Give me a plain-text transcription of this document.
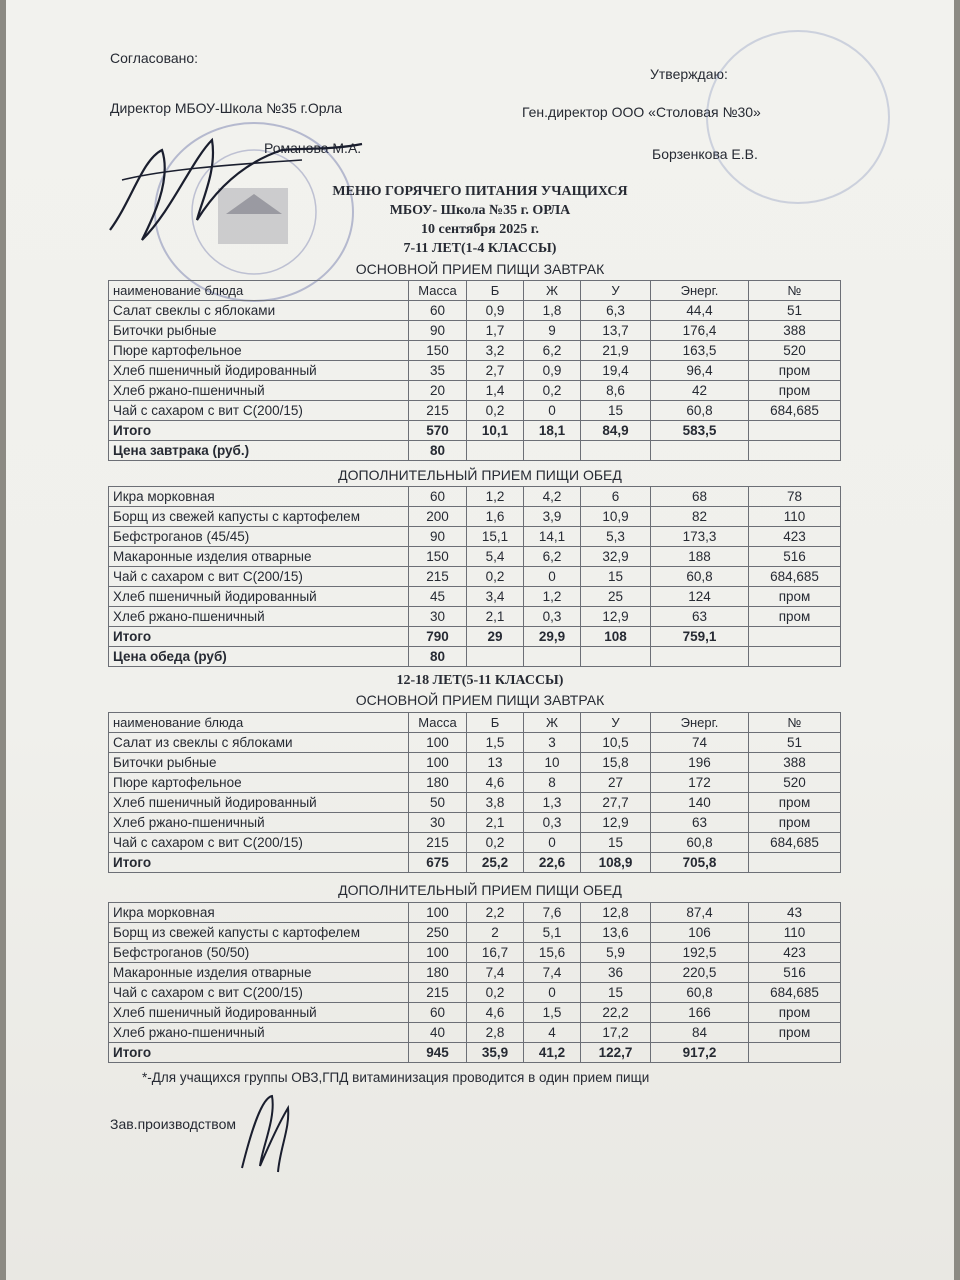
Согласовано:
Утверждаю:
Директор МБОУ-Школа №35 г.Орла	Ген.директор ООО «Столовая №30»
Романова М.А.	Борзенкова Е.В.
МЕНЮ ГОРЯЧЕГО ПИТАНИЯ УЧАЩИХСЯ
МБОУ- Школа №35 г. ОРЛА
10 сентября 2025 г.
7-11 ЛЕТ(1-4 КЛАССЫ)
ОСНОВНОЙ ПРИЕМ ПИЩИ ЗАВТРАК
наименование блюда	Масса	Б	Ж	У	Энерг.	№
Салат свеклы с яблоками	60	0,9	1,8	6,3	44,4	51
Биточки рыбные	90	1,7	9	13,7	176,4	388
Пюре картофельное	150	3,2	6,2	21,9	163,5	520
Хлеб пшеничный йодированный	35	2,7	0,9	19,4	96,4	пром
Хлеб ржано-пшеничный	20	1,4	0,2	8,6	42	пром
Чай с сахаром с вит С(200/15)	215	0,2	0	15	60,8	684,685
Итого	570	10,1	18,1	84,9	583,5	
Цена завтрака (руб.)	80					
ДОПОЛНИТЕЛЬНЫЙ ПРИЕМ ПИЩИ ОБЕД
Икра морковная	60	1,2	4,2	6	68	78
Борщ из свежей капусты с картофелем	200	1,6	3,9	10,9	82	110
Бефстроганов (45/45)	90	15,1	14,1	5,3	173,3	423
Макаронные изделия отварные	150	5,4	6,2	32,9	188	516
Чай с сахаром с вит С(200/15)	215	0,2	0	15	60,8	684,685
Хлеб пшеничный йодированный	45	3,4	1,2	25	124	пром
Хлеб ржано-пшеничный	30	2,1	0,3	12,9	63	пром
Итого	790	29	29,9	108	759,1	
Цена обеда (руб)	80					
12-18 ЛЕТ(5-11 КЛАССЫ)
ОСНОВНОЙ ПРИЕМ ПИЩИ ЗАВТРАК
наименование блюда	Масса	Б	Ж	У	Энерг.	№
Салат из свеклы с яблоками	100	1,5	3	10,5	74	51
Биточки рыбные	100	13	10	15,8	196	388
Пюре картофельное	180	4,6	8	27	172	520
Хлеб пшеничный йодированный	50	3,8	1,3	27,7	140	пром
Хлеб ржано-пшеничный	30	2,1	0,3	12,9	63	пром
Чай с сахаром с вит С(200/15)	215	0,2	0	15	60,8	684,685
Итого	675	25,2	22,6	108,9	705,8	
ДОПОЛНИТЕЛЬНЫЙ ПРИЕМ ПИЩИ ОБЕД
Икра морковная	100	2,2	7,6	12,8	87,4	43
Борщ из свежей капусты с картофелем	250	2	5,1	13,6	106	110
Бефстроганов (50/50)	100	16,7	15,6	5,9	192,5	423
Макаронные изделия отварные	180	7,4	7,4	36	220,5	516
Чай с сахаром с вит С(200/15)	215	0,2	0	15	60,8	684,685
Хлеб пшеничный йодированный	60	4,6	1,5	22,2	166	пром
Хлеб ржано-пшеничный	40	2,8	4	17,2	84	пром
Итого	945	35,9	41,2	122,7	917,2	
*-Для учащихся группы ОВЗ,ГПД витаминизация проводится в один прием пищи
Зав.производством
